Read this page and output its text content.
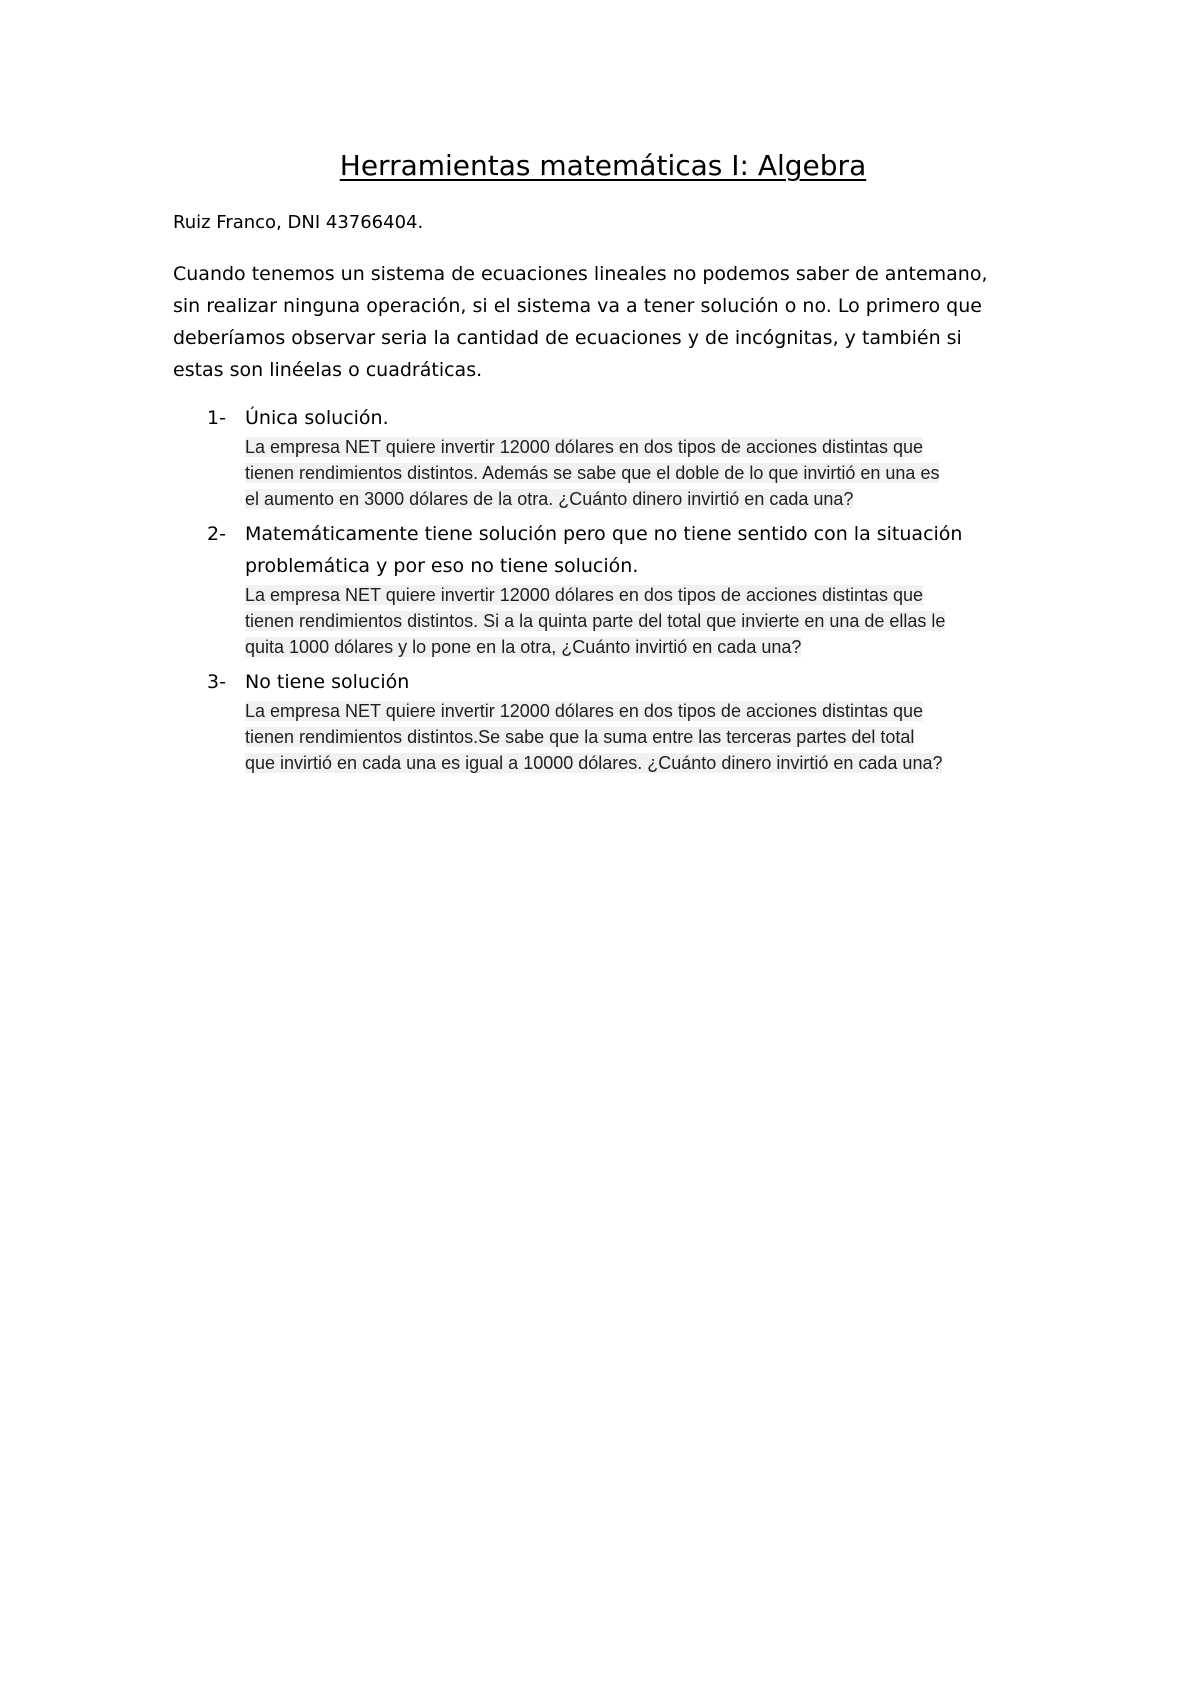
Herramientas matemáticas I: Algebra
Ruiz Franco, DNI 43766404.
Cuando tenemos un sistema de ecuaciones lineales no podemos saber de antemano,
sin realizar ninguna operación, si el sistema va a tener solución o no. Lo primero que
deberíamos observar seria la cantidad de ecuaciones y de incógnitas, y también si
estas son linéelas o cuadráticas.
1- Única solución.
La empresa NET quiere invertir 12000 dólares en dos tipos de acciones distintas que
tienen rendimientos distintos. Además se sabe que el doble de lo que invirtió en una es
el aumento en 3000 dólares de la otra. ¿Cuánto dinero invirtió en cada una?
2- Matemáticamente tiene solución pero que no tiene sentido con la situación
problemática y por eso no tiene solución.
La empresa NET quiere invertir 12000 dólares en dos tipos de acciones distintas que
tienen rendimientos distintos. Si a la quinta parte del total que invierte en una de ellas le
quita 1000 dólares y lo pone en la otra, ¿Cuánto invirtió en cada una?
3- No tiene solución
La empresa NET quiere invertir 12000 dólares en dos tipos de acciones distintas que
tienen rendimientos distintos.Se sabe que la suma entre las terceras partes del total
que invirtió en cada una es igual a 10000 dólares. ¿Cuánto dinero invirtió en cada una?
